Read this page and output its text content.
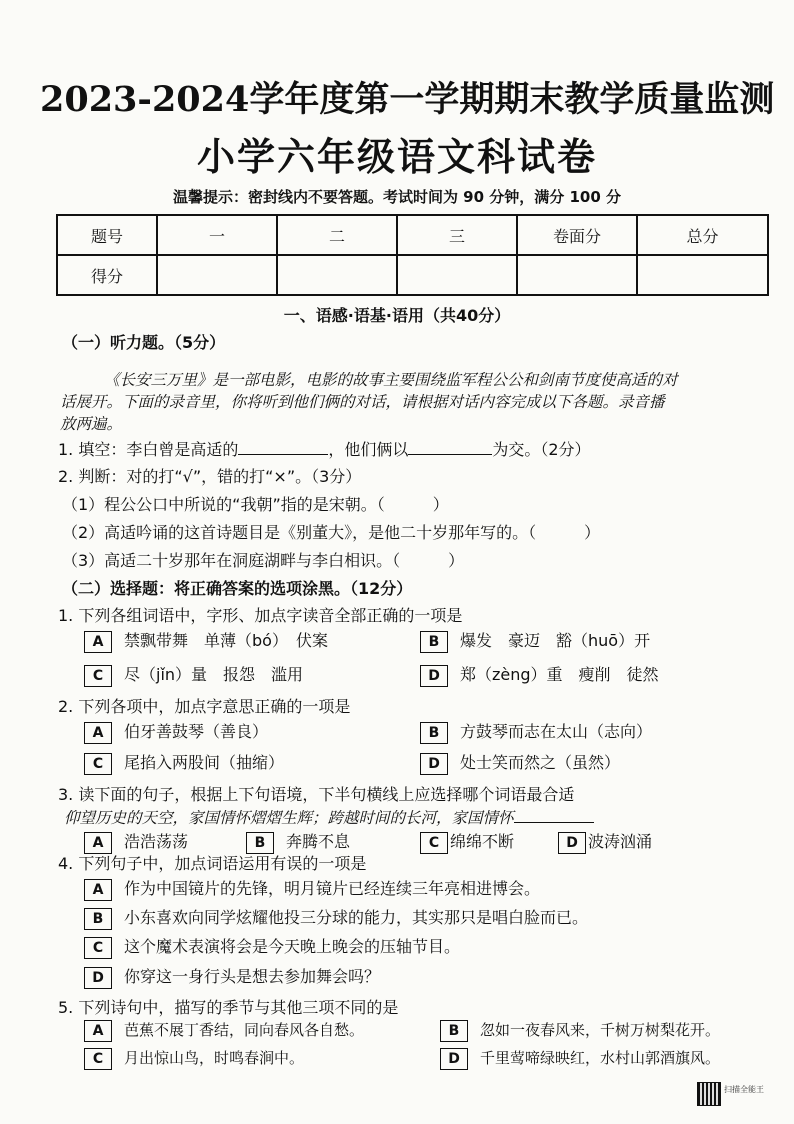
2023-2024学年度第一学期期末教学质量监测
小学六年级语文科试卷
温馨提示：密封线内不要答题。考试时间为 90 分钟，满分 100 分
题号	一	二	三	卷面分	总分
得分					
一、语感·语基·语用（共40分）
（一）听力题。（5分）
《长安三万里》是一部电影，电影的故事主要围绕监军程公公和剑南节度使高适的对
话展开。下面的录音里，你将听到他们俩的对话，请根据对话内容完成以下各题。录音播
放两遍。
1. 填空：李白曾是高适的	，他们俩以	为交。（2分）
2. 判断：对的打“√”，错的打“×”。（3分）
（1）程公公口中所说的“我朝”指的是宋朝。（　　　）
（2）高适吟诵的这首诗题目是《别董大》，是他二十岁那年写的。（　　　）
（3）高适二十岁那年在洞庭湖畔与李白相识。（　　　）
（二）选择题：将正确答案的选项涂黑。（12分）
1. 下列各组词语中，字形、加点字读音全部正确的一项是
A 禁飘带舞　单薄（bó）　伏案	B 爆发　豪迈　豁（huō）开
C 尽（jǐn）量　报怨　滥用	D 郑（zèng）重　瘦削　徒然
2. 下列各项中，加点字意思正确的一项是
A 伯牙善鼓琴（善良）	B 方鼓琴而志在太山（志向）
C 尾掐入两股间（抽缩）	D 处士笑而然之（虽然）
3. 读下面的句子，根据上下句语境，下半句横线上应选择哪个词语最合适
仰望历史的天空，家国情怀熠熠生辉；跨越时间的长河，家国情怀
A 浩浩荡荡	B 奔腾不息	C 绵绵不断	D 波涛汹涌
4. 下列句子中，加点词语运用有误的一项是
A 作为中国镜片的先锋，明月镜片已经连续三年亮相进博会。
B 小东喜欢向同学炫耀他投三分球的能力，其实那只是唱白脸而已。
C 这个魔术表演将会是今天晚上晚会的压轴节目。
D 你穿这一身行头是想去参加舞会吗？
5. 下列诗句中，描写的季节与其他三项不同的是
A 芭蕉不展丁香结，同向春风各自愁。	B 忽如一夜春风来，千树万树梨花开。
C 月出惊山鸟，时鸣春涧中。	D 千里莺啼绿映红，水村山郭酒旗风。
扫描全能王
